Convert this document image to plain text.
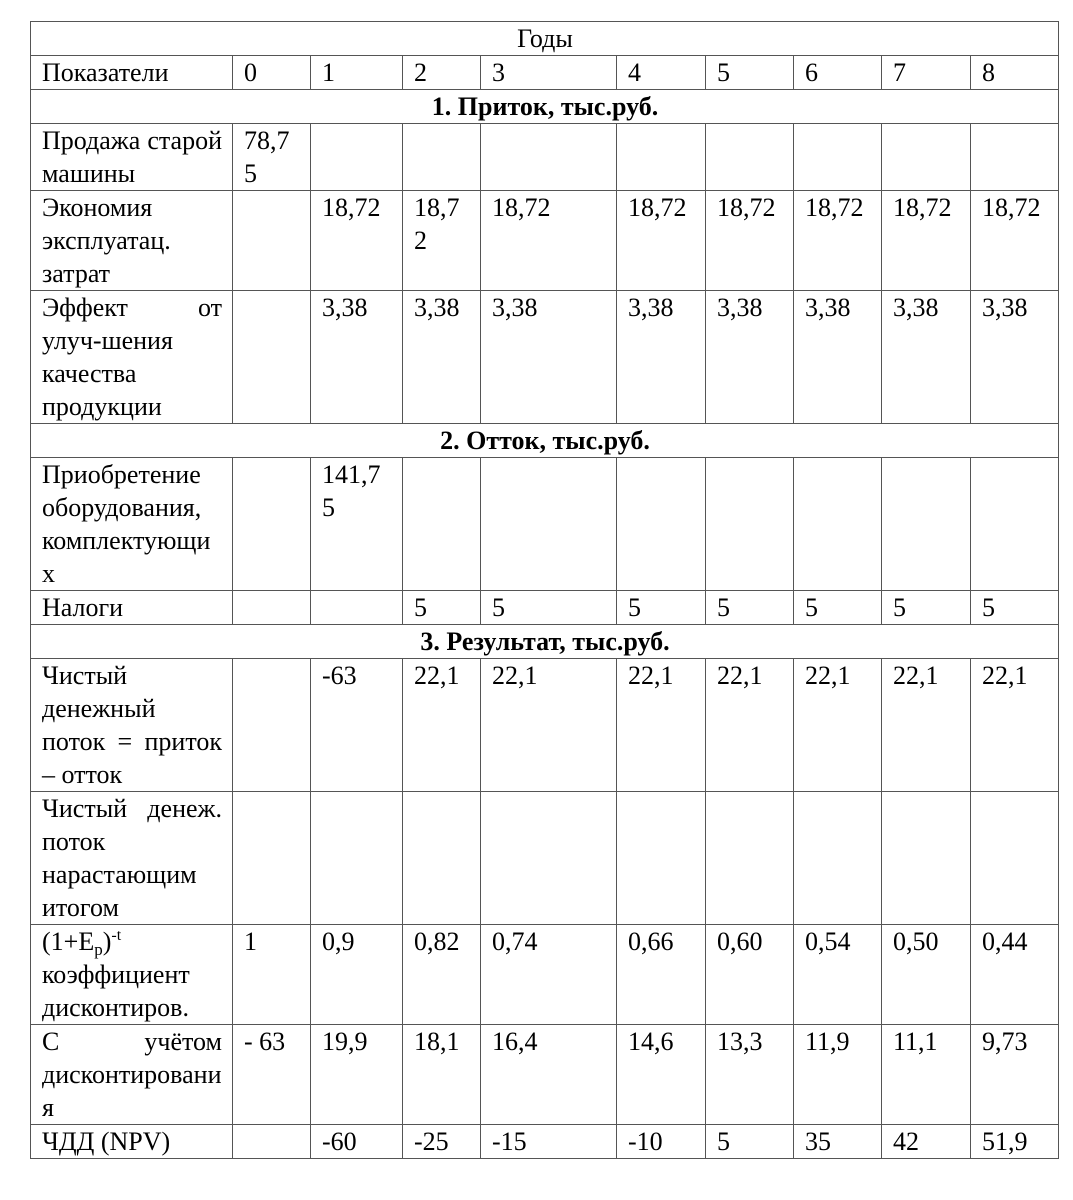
Годы									
Показатели	0	1	2	3	4	5	6	7	8
1. Приток, тыс.руб.									
Продажа старой машины	78,75								
Экономия эксплуатац. затрат		18,72	18,72	18,72	18,72	18,72	18,72	18,72	18,72
Эффект от улуч-шения качества продукции		3,38	3,38	3,38	3,38	3,38	3,38	3,38	3,38
2. Отток, тыс.руб.									
Приобретение оборудования, комплектующих		141,75							
Налоги			5	5	5	5	5	5	5
3. Результат, тыс.руб.									
Чистый денежный поток = приток – отток		-63	22,1	22,1	22,1	22,1	22,1	22,1	22,1
Чистый денеж. поток нарастающим итогом									
$(1+E_p)^{-t}$ коэффициент дисконтиров.	1	0,9	0,82	0,74	0,66	0,60	0,54	0,50	0,44
С учётом дисконтирования	- 63	19,9	18,1	16,4	14,6	13,3	11,9	11,1	9,73
ЧДД (NPV)		-60	-25	-15	-10	5	35	42	51,9
